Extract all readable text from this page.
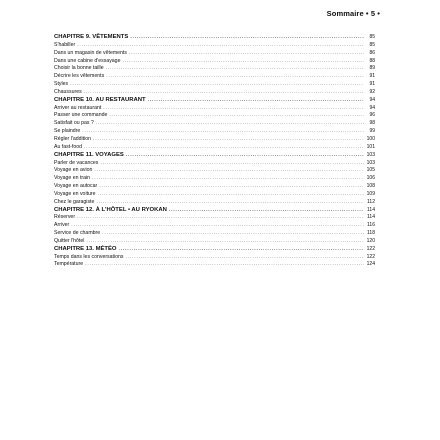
Sommaire • 5 •
CHAPITRE 9. VÊTEMENTS .....	85
S'habiller .....	85
Dans un magasin de vêtements .....	86
Dans une cabine d'essayage .....	88
Choisir la bonne taille .....	89
Décrire les vêtements .....	91
Styles .....	91
Chaussures .....	92
CHAPITRE 10. AU RESTAURANT .....	94
Arriver au restaurant .....	94
Passer une commande .....	96
Satisfait ou pas ? .....	98
Se plaindre .....	99
Régler l'addition .....	100
Au fast-food .....	101
CHAPITRE 11. VOYAGES .....	103
Parler de vacances .....	103
Voyage en avion .....	105
Voyage en train .....	106
Voyage en autocar .....	108
Voyage en voiture .....	109
Chez le garagiste .....	112
CHAPITRE 12. À L'HÔTEL • AU RYOKAN .....	114
Réserver .....	114
Arriver .....	116
Service de chambre .....	118
Quitter l'hôtel .....	120
CHAPITRE 13. MÉTÉO .....	122
Temps dans les conversations .....	122
Température .....	124
